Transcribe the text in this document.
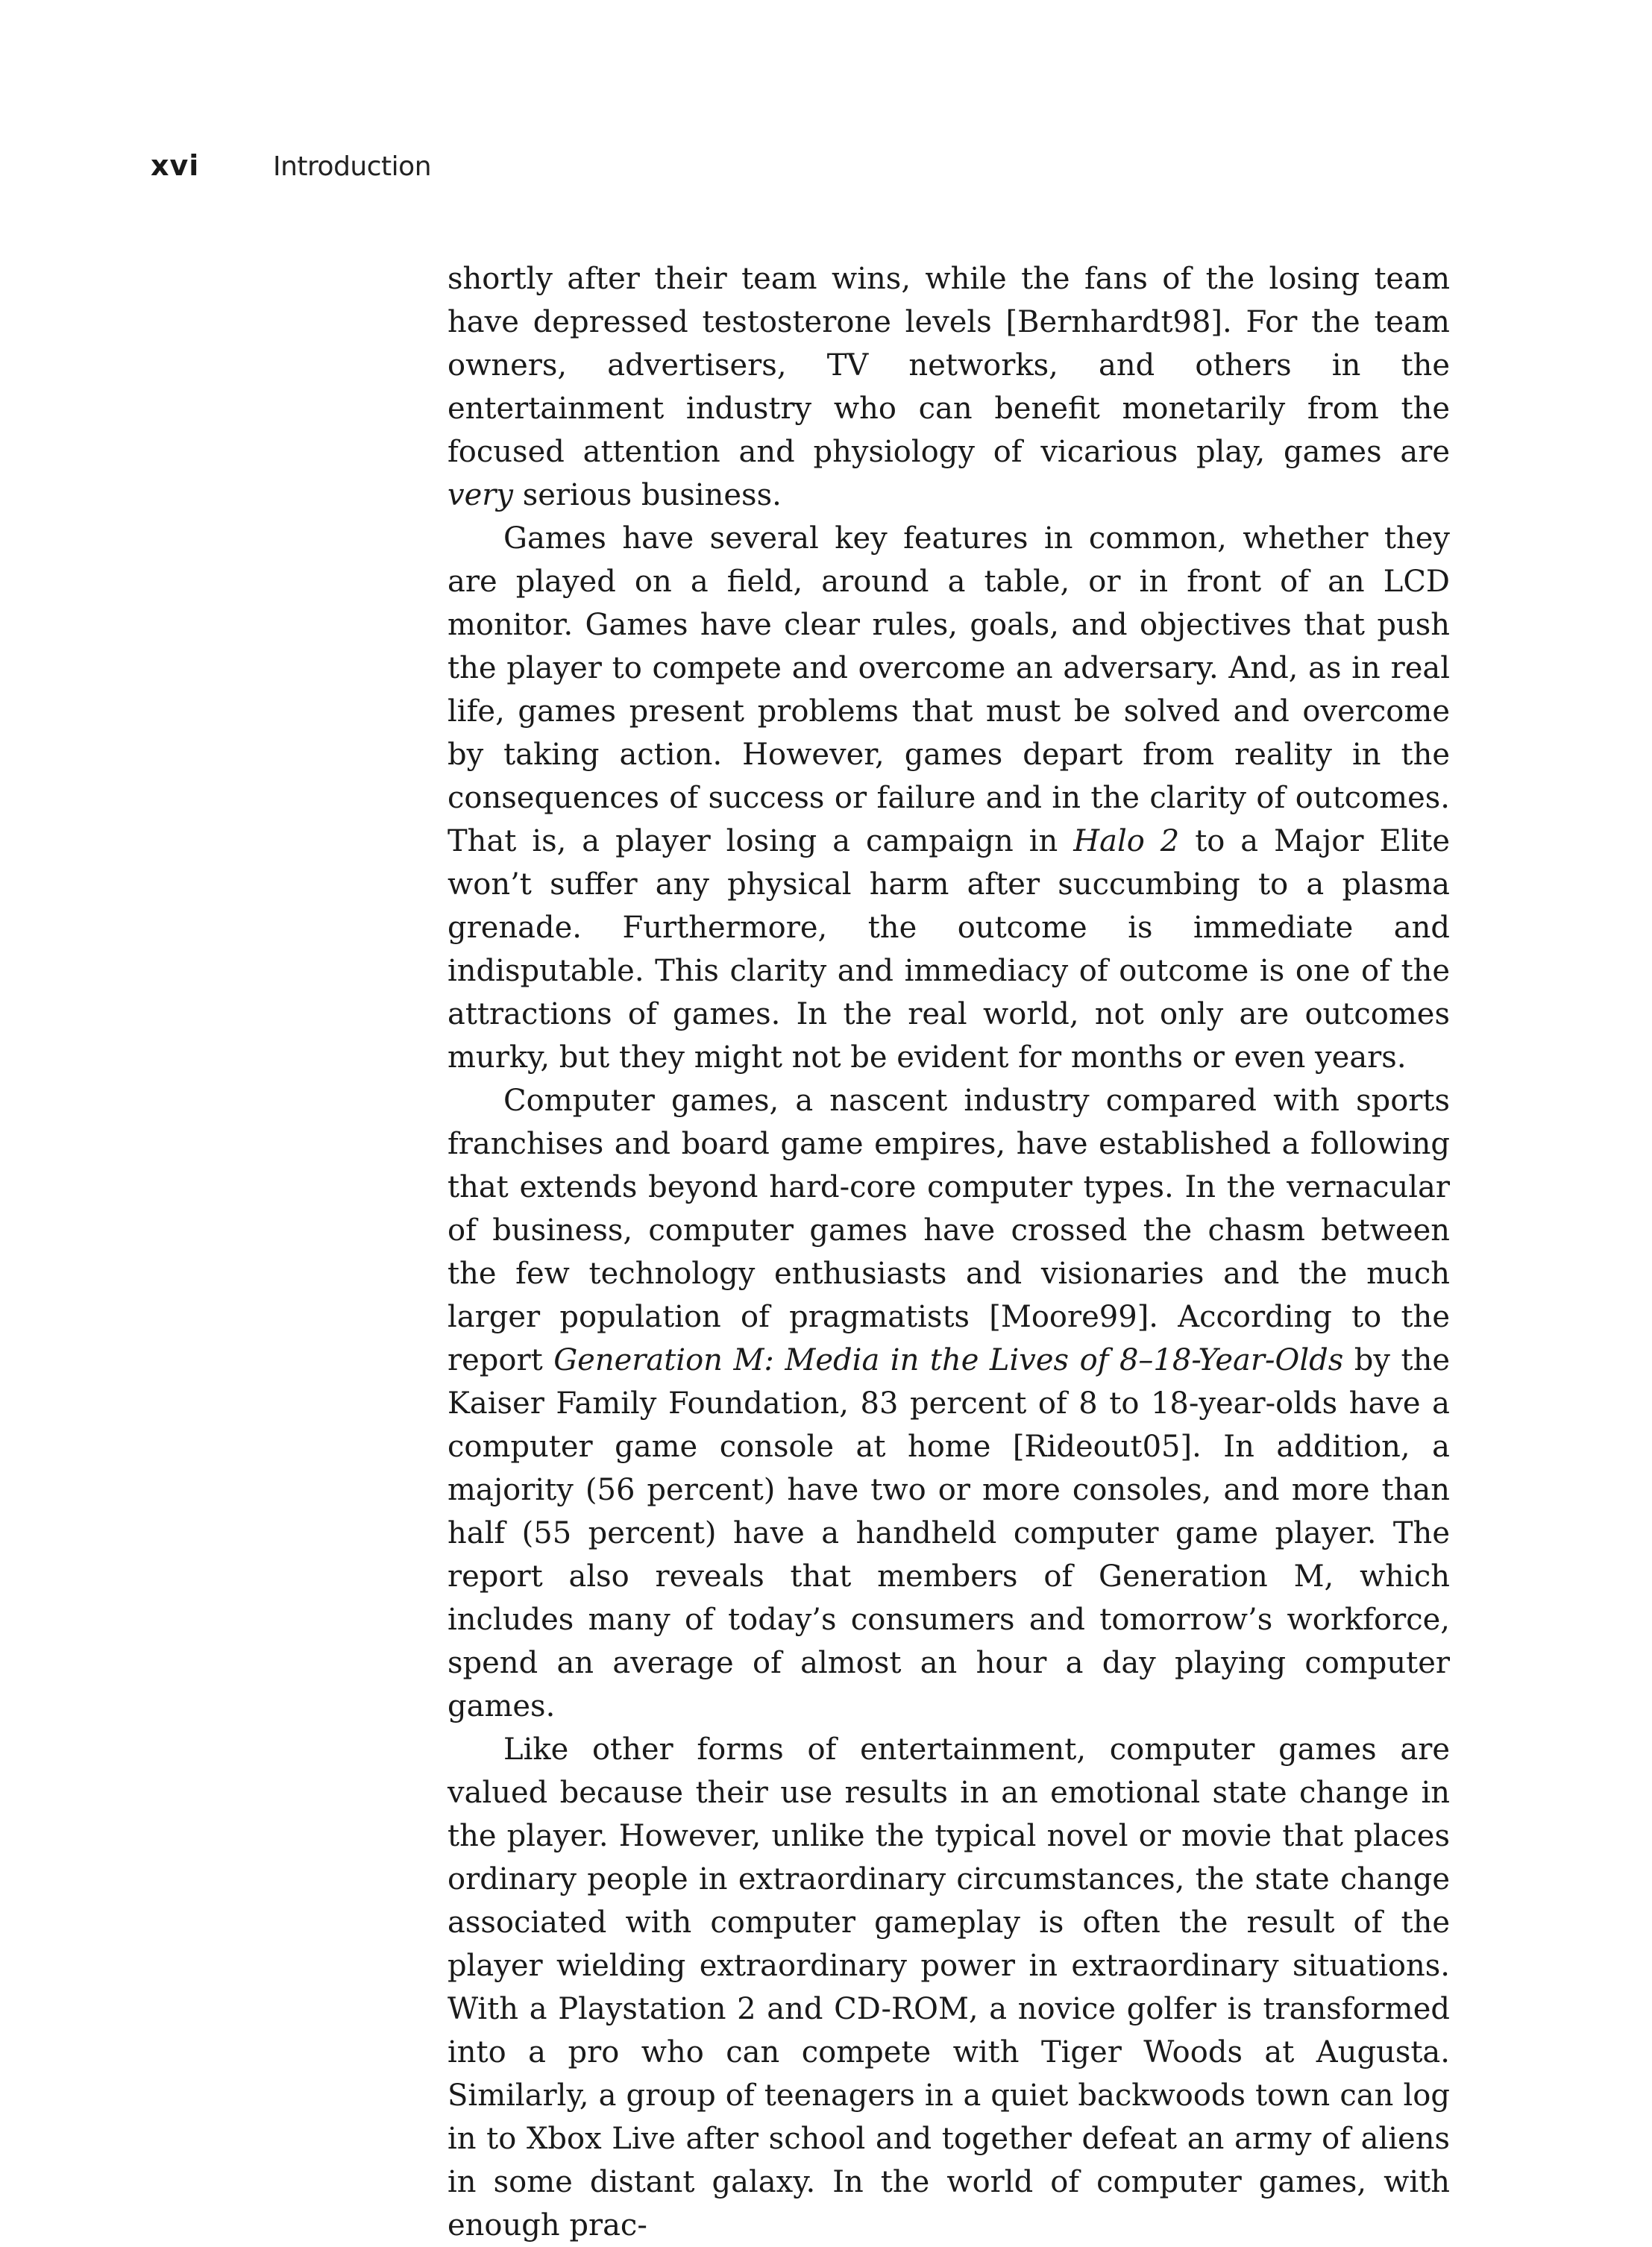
xvi	Introduction

shortly after their team wins, while the fans of the losing team have depressed testosterone levels [Bernhardt98]. For the team owners, advertisers, TV networks, and others in the entertainment industry who can benefit monetarily from the focused attention and physiology of vicarious play, games are very serious business.

Games have several key features in common, whether they are played on a field, around a table, or in front of an LCD monitor. Games have clear rules, goals, and objectives that push the player to compete and overcome an adversary. And, as in real life, games present problems that must be solved and overcome by taking action. However, games depart from reality in the consequences of success or failure and in the clarity of outcomes. That is, a player losing a campaign in Halo 2 to a Major Elite won’t suffer any physical harm after succumbing to a plasma grenade. Furthermore, the outcome is immediate and indisputable. This clarity and immediacy of outcome is one of the attractions of games. In the real world, not only are outcomes murky, but they might not be evident for months or even years.

Computer games, a nascent industry compared with sports franchises and board game empires, have established a following that extends beyond hard-core computer types. In the vernacular of business, computer games have crossed the chasm between the few technology enthusiasts and visionaries and the much larger population of pragmatists [Moore99]. According to the report Generation M: Media in the Lives of 8–18-Year-Olds by the Kaiser Family Foundation, 83 percent of 8 to 18-year-olds have a computer game console at home [Rideout05]. In addition, a majority (56 percent) have two or more consoles, and more than half (55 percent) have a handheld computer game player. The report also reveals that members of Generation M, which includes many of today’s consumers and tomorrow’s workforce, spend an average of almost an hour a day playing computer games.

Like other forms of entertainment, computer games are valued because their use results in an emotional state change in the player. However, unlike the typical novel or movie that places ordinary people in extraordinary circumstances, the state change associated with computer gameplay is often the result of the player wielding extraordinary power in extraordinary situations. With a Playstation 2 and CD-ROM, a novice golfer is transformed into a pro who can compete with Tiger Woods at Augusta. Similarly, a group of teenagers in a quiet backwoods town can log in to Xbox Live after school and together defeat an army of aliens in some distant galaxy. In the world of computer games, with enough prac-
